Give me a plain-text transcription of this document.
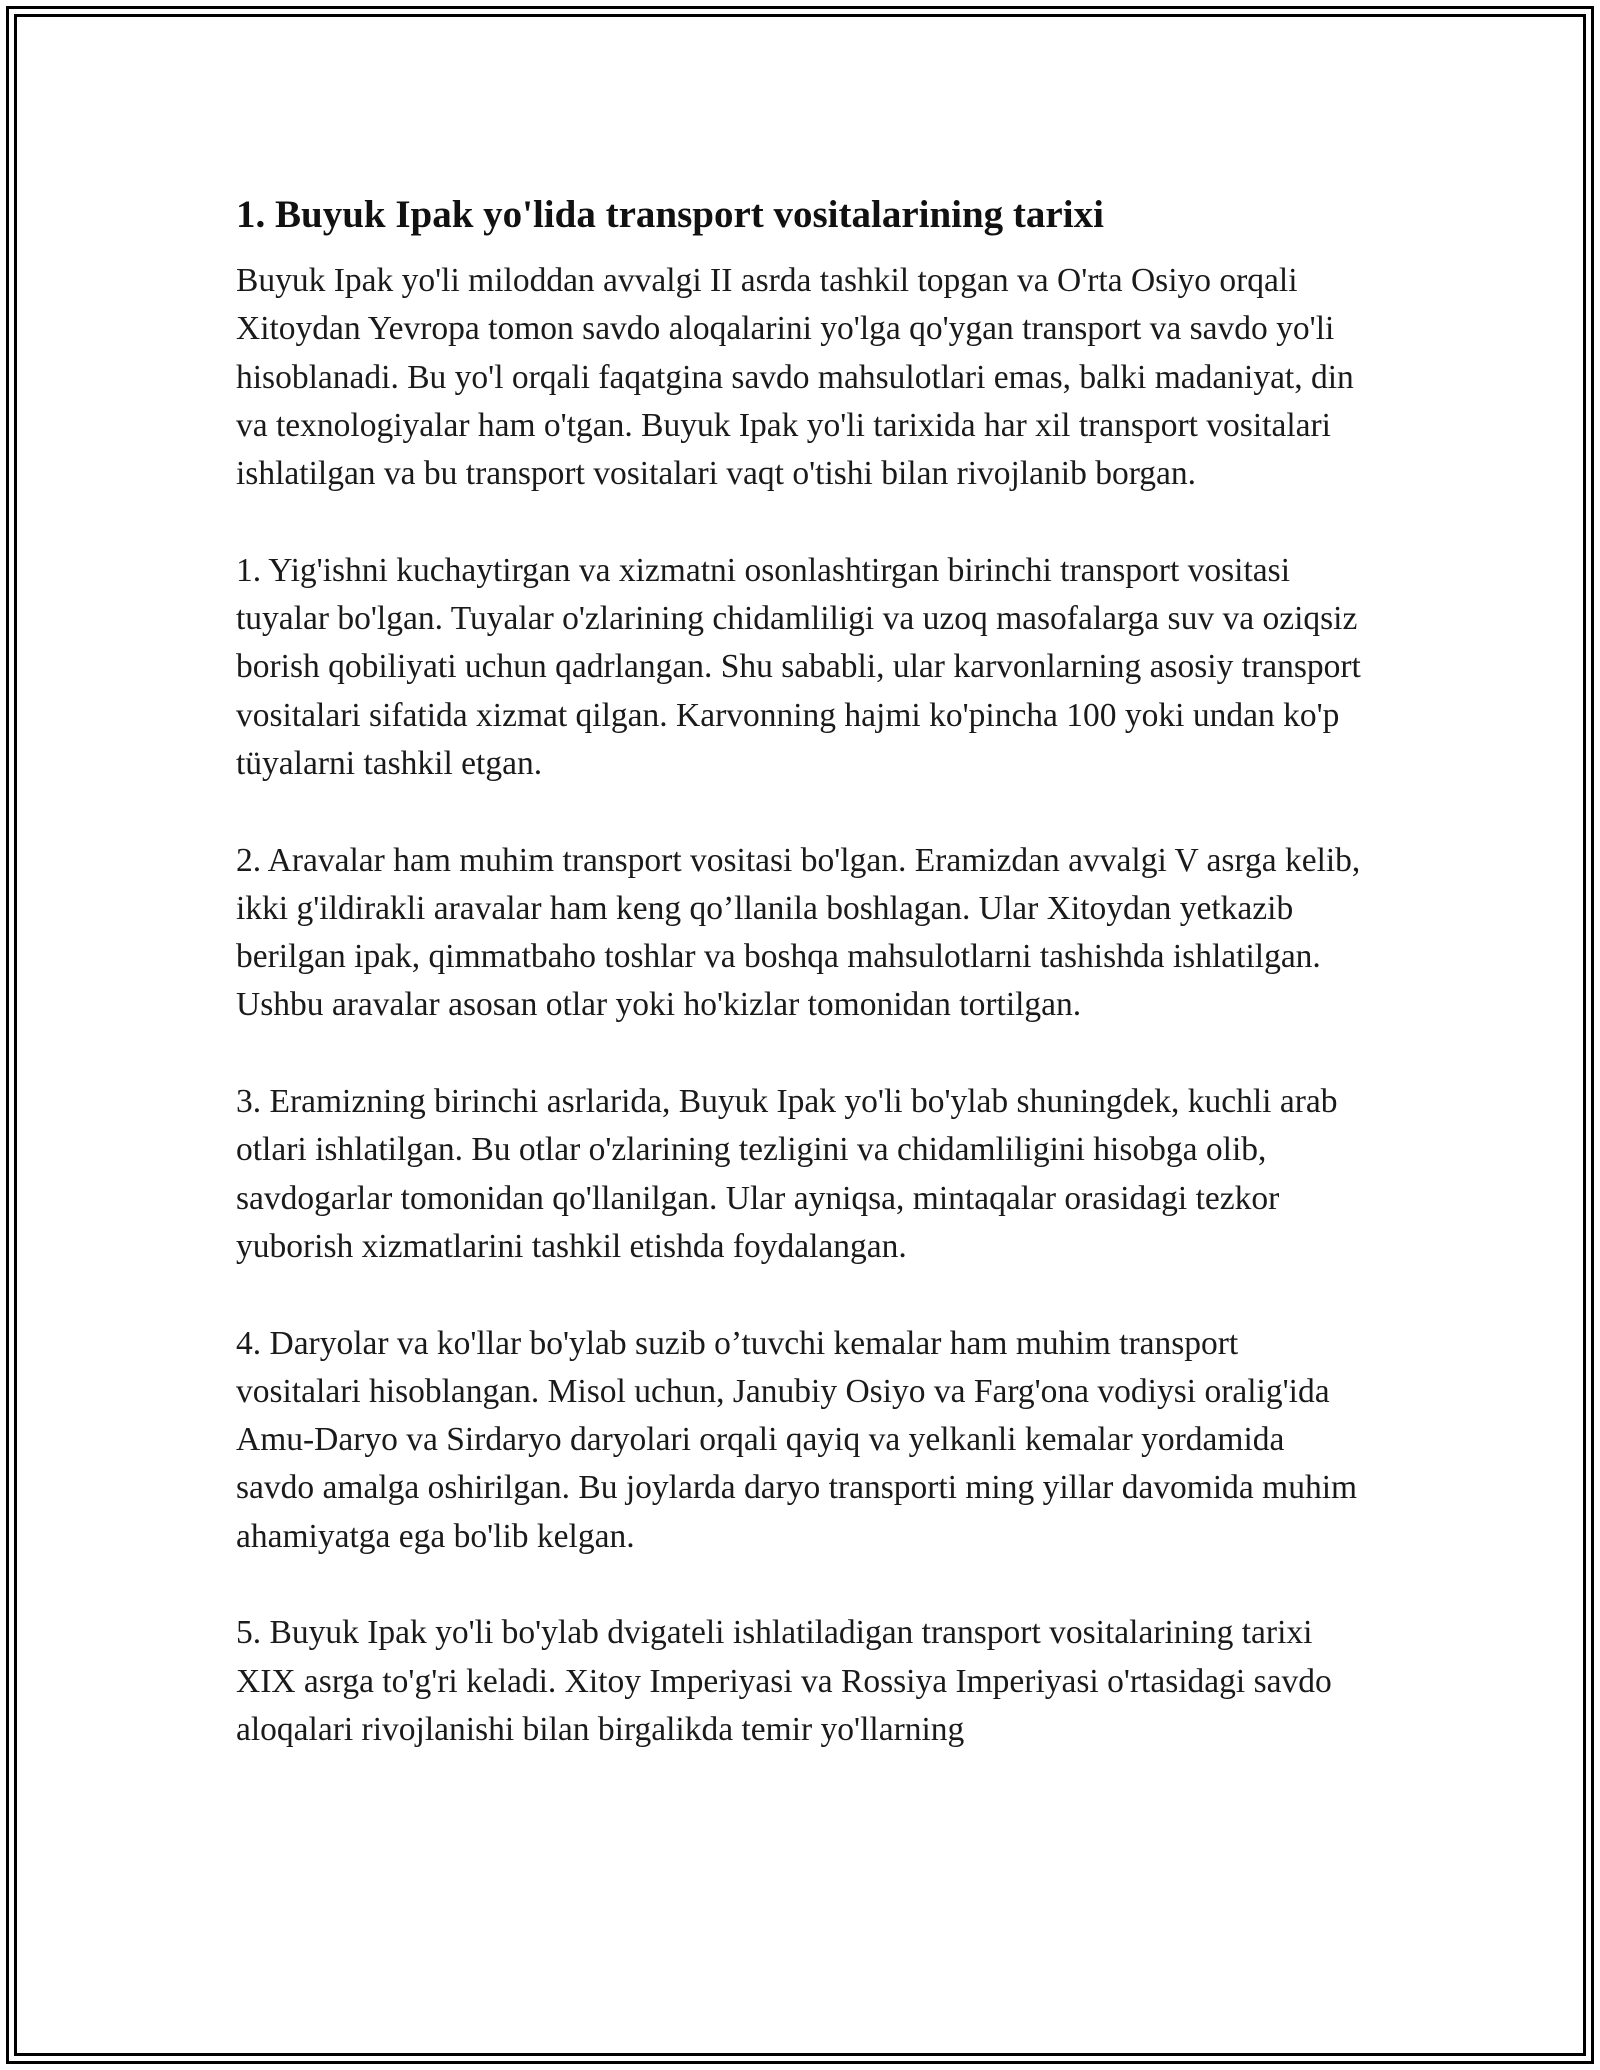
1. Buyuk Ipak yo'lida transport vositalarining tarixi

Buyuk Ipak yo'li miloddan avvalgi II asrda tashkil topgan va O'rta Osiyo orqali Xitoydan Yevropa tomon savdo aloqalarini yo'lga qo'ygan transport va savdo yo'li hisoblanadi. Bu yo'l orqali faqatgina savdo mahsulotlari emas, balki madaniyat, din va texnologiyalar ham o'tgan. Buyuk Ipak yo'li tarixida har xil transport vositalari ishlatilgan va bu transport vositalari vaqt o'tishi bilan rivojlanib borgan.

1. Yig'ishni kuchaytirgan va xizmatni osonlashtirgan birinchi transport vositasi tuyalar bo'lgan. Tuyalar o'zlarining chidamliligi va uzoq masofalarga suv va oziqsiz borish qobiliyati uchun qadrlangan. Shu sababli, ular karvonlarning asosiy transport vositalari sifatida xizmat qilgan. Karvonning hajmi ko'pincha 100 yoki undan ko'p tüyalarni tashkil etgan.

2. Aravalar ham muhim transport vositasi bo'lgan. Eramizdan avvalgi V asrga kelib, ikki g'ildirakli aravalar ham keng qo’llanila boshlagan. Ular Xitoydan yetkazib berilgan ipak, qimmatbaho toshlar va boshqa mahsulotlarni tashishda ishlatilgan. Ushbu aravalar asosan otlar yoki ho'kizlar tomonidan tortilgan.

3. Eramizning birinchi asrlarida, Buyuk Ipak yo'li bo'ylab shuningdek, kuchli arab otlari ishlatilgan. Bu otlar o'zlarining tezligini va chidamliligini hisobga olib, savdogarlar tomonidan qo'llanilgan. Ular ayniqsa, mintaqalar orasidagi tezkor yuborish xizmatlarini tashkil etishda foydalangan.

4. Daryolar va ko'llar bo'ylab suzib o’tuvchi kemalar ham muhim transport vositalari hisoblangan. Misol uchun, Janubiy Osiyo va Farg'ona vodiysi oralig'ida Amu-Daryo va Sirdaryo daryolari orqali qayiq va yelkanli kemalar yordamida savdo amalga oshirilgan. Bu joylarda daryo transporti ming yillar davomida muhim ahamiyatga ega bo'lib kelgan.

5. Buyuk Ipak yo'li bo'ylab dvigateli ishlatiladigan transport vositalarining tarixi XIX asrga to'g'ri keladi. Xitoy Imperiyasi va Rossiya Imperiyasi o'rtasidagi savdo aloqalari rivojlanishi bilan birgalikda temir yo'llarning
